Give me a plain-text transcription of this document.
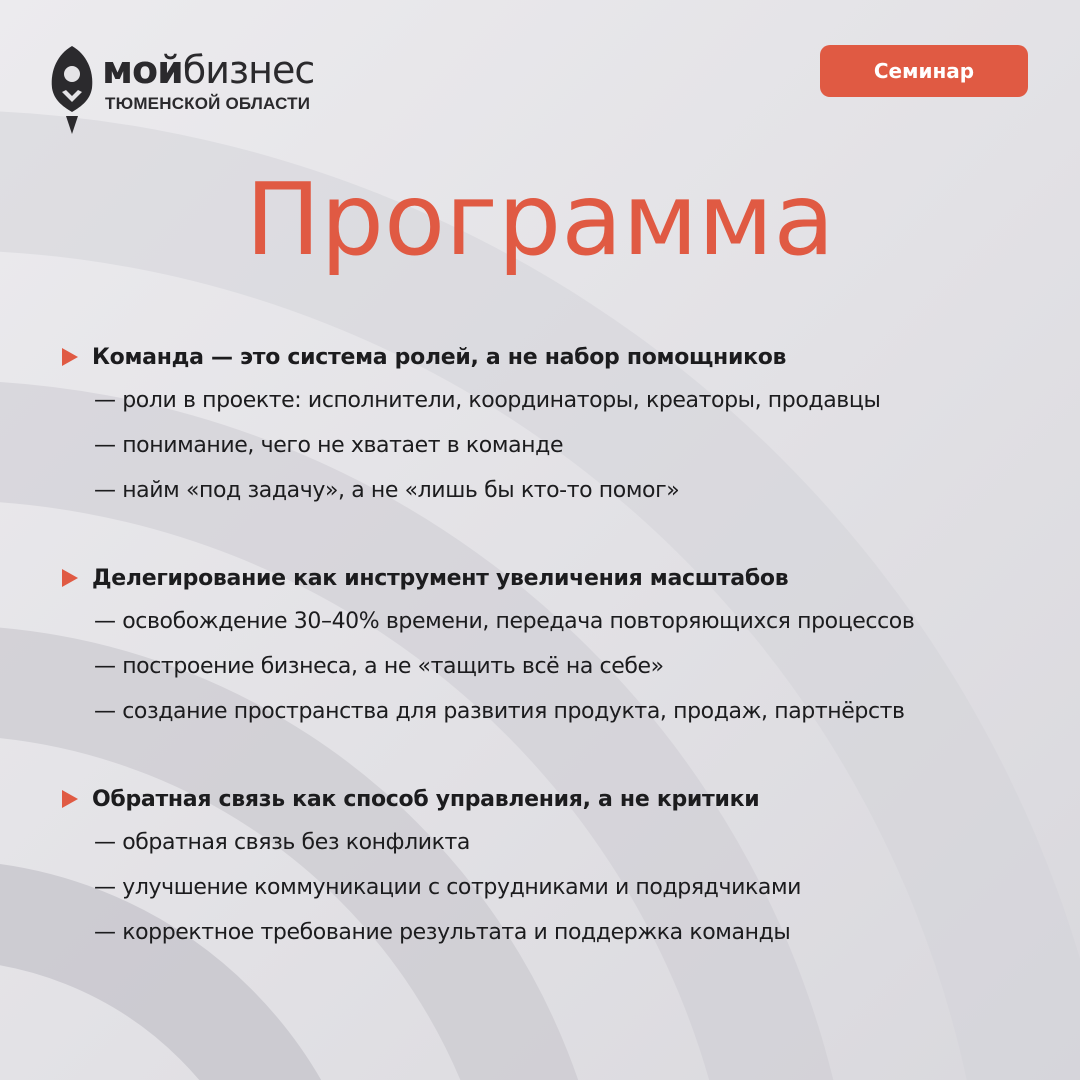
мойбизнес
ТЮМЕНСКОЙ ОБЛАСТИ
Семинар
Программа
Команда — это система ролей, а не набор помощников
— роли в проекте: исполнители, координаторы, креаторы, продавцы
— понимание, чего не хватает в команде
— найм «под задачу», а не «лишь бы кто-то помог»
Делегирование как инструмент увеличения масштабов
— освобождение 30–40% времени, передача повторяющихся процессов
— построение бизнеса, а не «тащить всё на себе»
— создание пространства для развития продукта, продаж, партнёрств
Обратная связь как способ управления, а не критики
— обратная связь без конфликта
— улучшение коммуникации с сотрудниками и подрядчиками
— корректное требование результата и поддержка команды
